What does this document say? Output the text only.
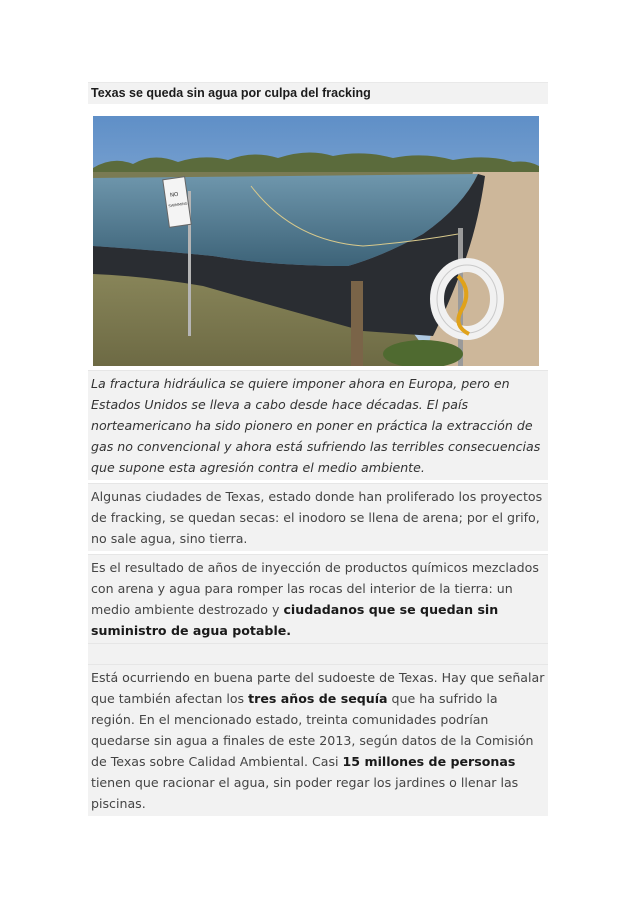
Texas se queda sin agua por culpa del fracking
NO
SWIMMING
La fractura hidráulica se quiere imponer ahora en Europa, pero en Estados Unidos se lleva a cabo desde hace décadas. El país norteamericano ha sido pionero en poner en práctica la extracción de gas no convencional y ahora está sufriendo las terribles consecuencias que supone esta agresión contra el medio ambiente.
Algunas ciudades de Texas, estado donde han proliferado los proyectos de fracking, se quedan secas: el inodoro se llena de arena; por el grifo, no sale agua, sino tierra.
Es el resultado de años de inyección de productos químicos mezclados con arena y agua para romper las rocas del interior de la tierra: un medio ambiente destrozado y ciudadanos que se quedan sin suministro de agua potable.
Está ocurriendo en buena parte del sudoeste de Texas. Hay que señalar que también afectan los tres años de sequía que ha sufrido la región. En el mencionado estado, treinta comunidades podrían quedarse sin agua a finales de este 2013, según datos de la Comisión de Texas sobre Calidad Ambiental. Casi 15 millones de personas tienen que racionar el agua, sin poder regar los jardines o llenar las piscinas.
